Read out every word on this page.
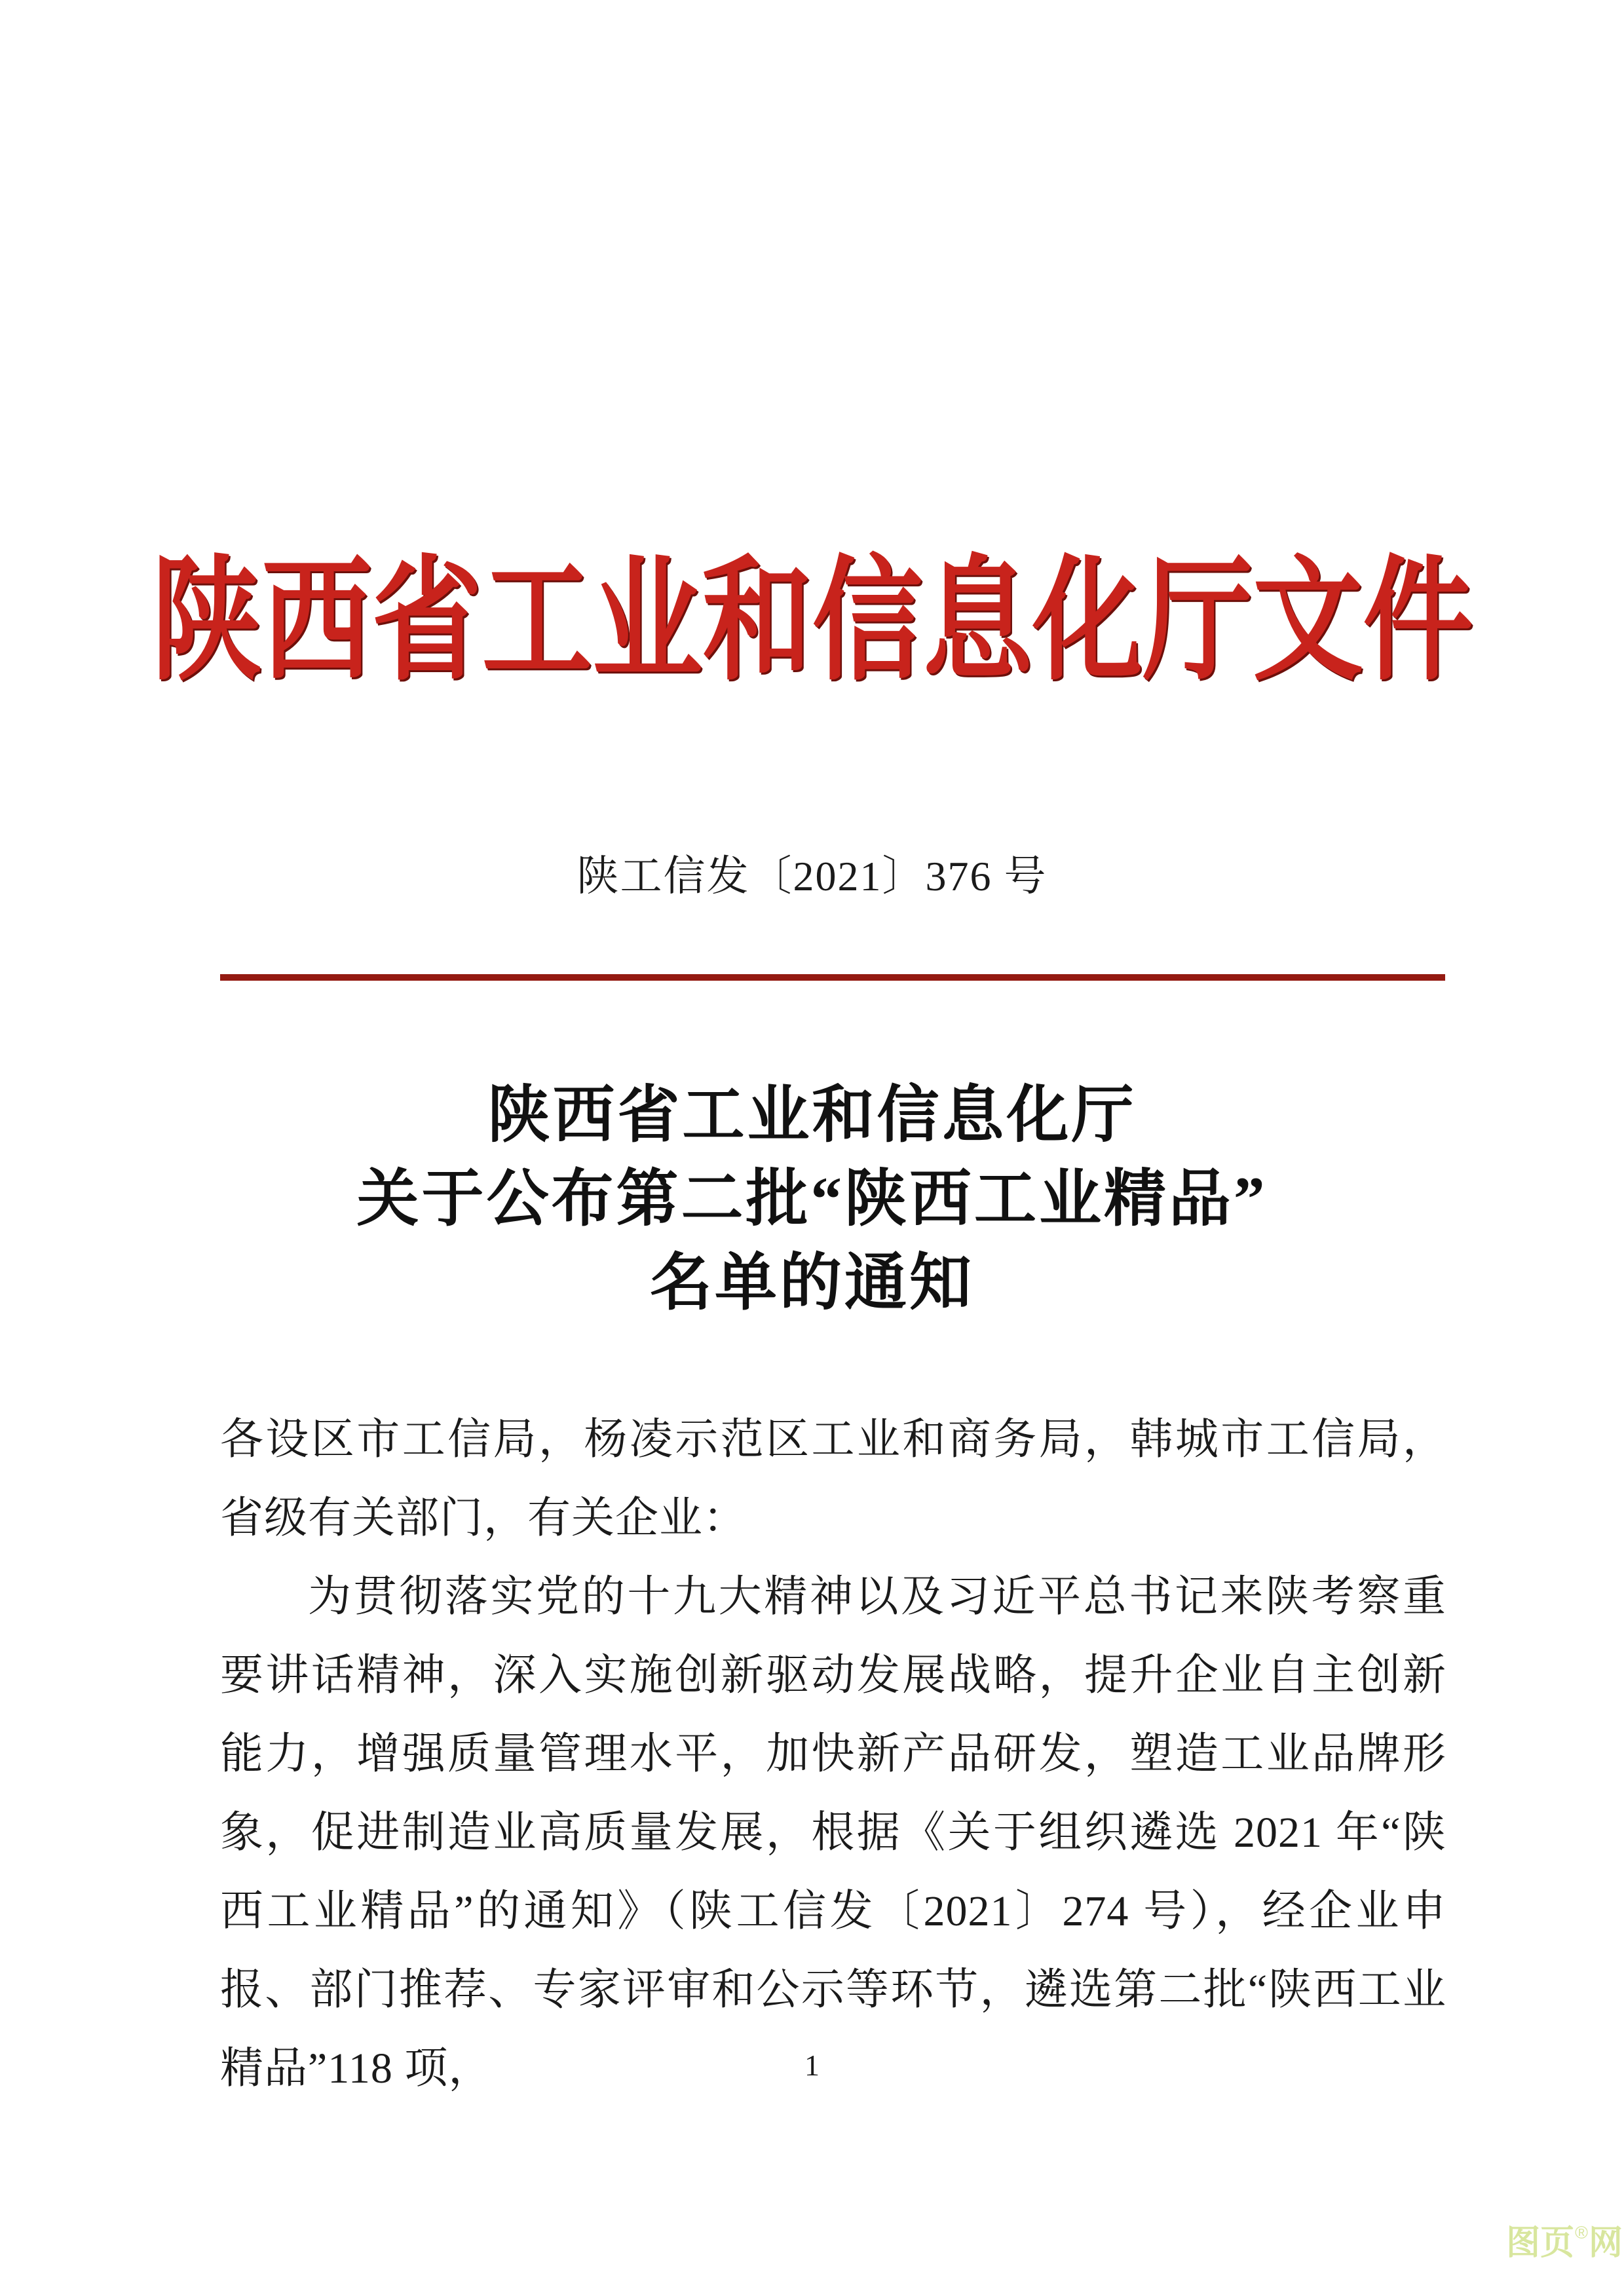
陕西省工业和信息化厅文件
陕工信发〔2021〕376 号
陕西省工业和信息化厅
关于公布第二批“陕西工业精品”
名单的通知

各设区市工信局，杨凌示范区工业和商务局，韩城市工信局，省级有关部门，有关企业：

为贯彻落实党的十九大精神以及习近平总书记来陕考察重要讲话精神，深入实施创新驱动发展战略，提升企业自主创新能力，增强质量管理水平，加快新产品研发，塑造工业品牌形象，促进制造业高质量发展，根据《关于组织遴选 2021 年“陕西工业精品”的通知》（陕工信发〔2021〕274 号），经企业申报、部门推荐、专家评审和公示等环节，遴选第二批“陕西工业精品”118 项，	1
图页 ® 网
